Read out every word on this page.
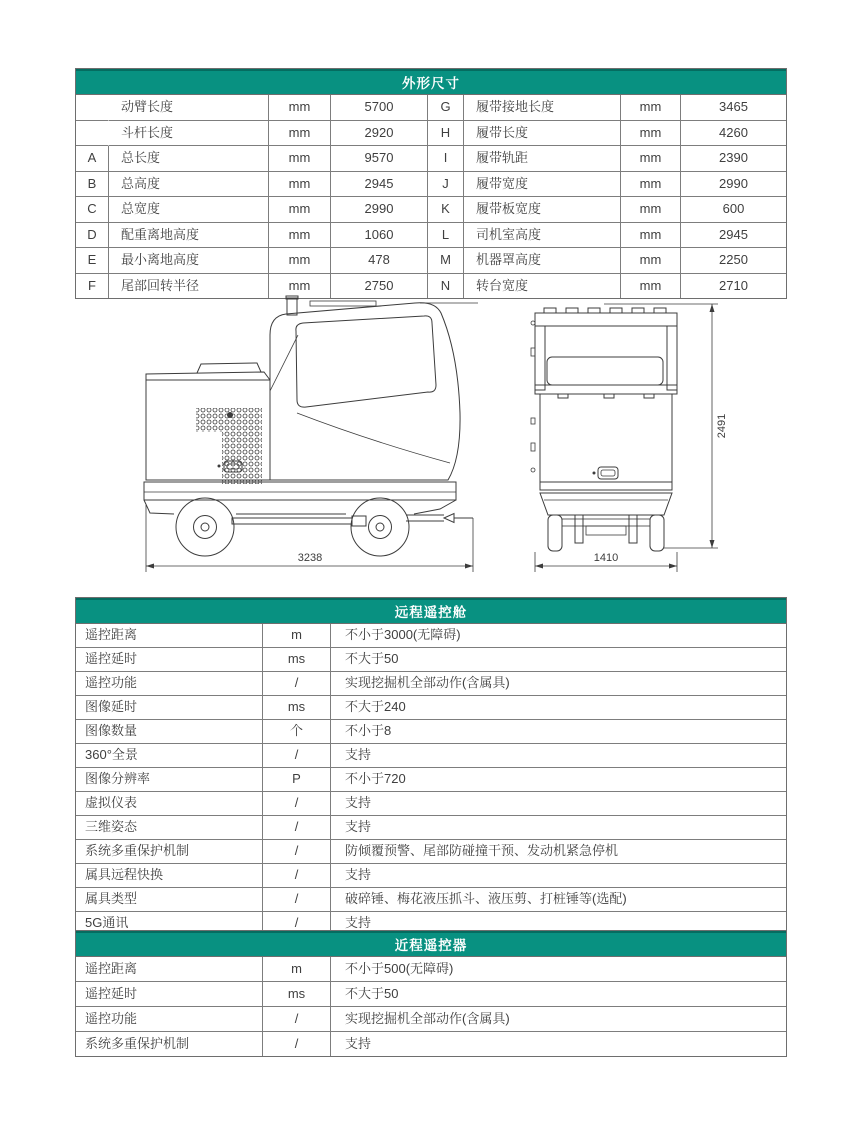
外形尺寸							
	动臂长度	mm	5700	G	履带接地长度	mm	3465
	斗杆长度	mm	2920	H	履带长度	mm	4260
A	总长度	mm	9570	I	履带轨距	mm	2390
B	总高度	mm	2945	J	履带宽度	mm	2990
C	总宽度	mm	2990	K	履带板宽度	mm	600
D	配重离地高度	mm	1060	L	司机室高度	mm	2945
E	最小离地高度	mm	478	M	机器罩高度	mm	2250
F	尾部回转半径	mm	2750	N	转台宽度	mm	2710
3238
2491
1410
远程遥控舱		
遥控距离	m	不小于3000(无障碍)
遥控延时	ms	不大于50
遥控功能	/	实现挖掘机全部动作(含属具)
图像延时	ms	不大于240
图像数量	个	不小于8
360°全景	/	支持
图像分辨率	P	不小于720
虚拟仪表	/	支持
三维姿态	/	支持
系统多重保护机制	/	防倾覆预警、尾部防碰撞干预、发动机紧急停机
属具远程快换	/	支持
属具类型	/	破碎锤、梅花液压抓斗、液压剪、打桩锤等(选配)
5G通讯	/	支持
近程遥控器		
遥控距离	m	不小于500(无障碍)
遥控延时	ms	不大于50
遥控功能	/	实现挖掘机全部动作(含属具)
系统多重保护机制	/	支持
